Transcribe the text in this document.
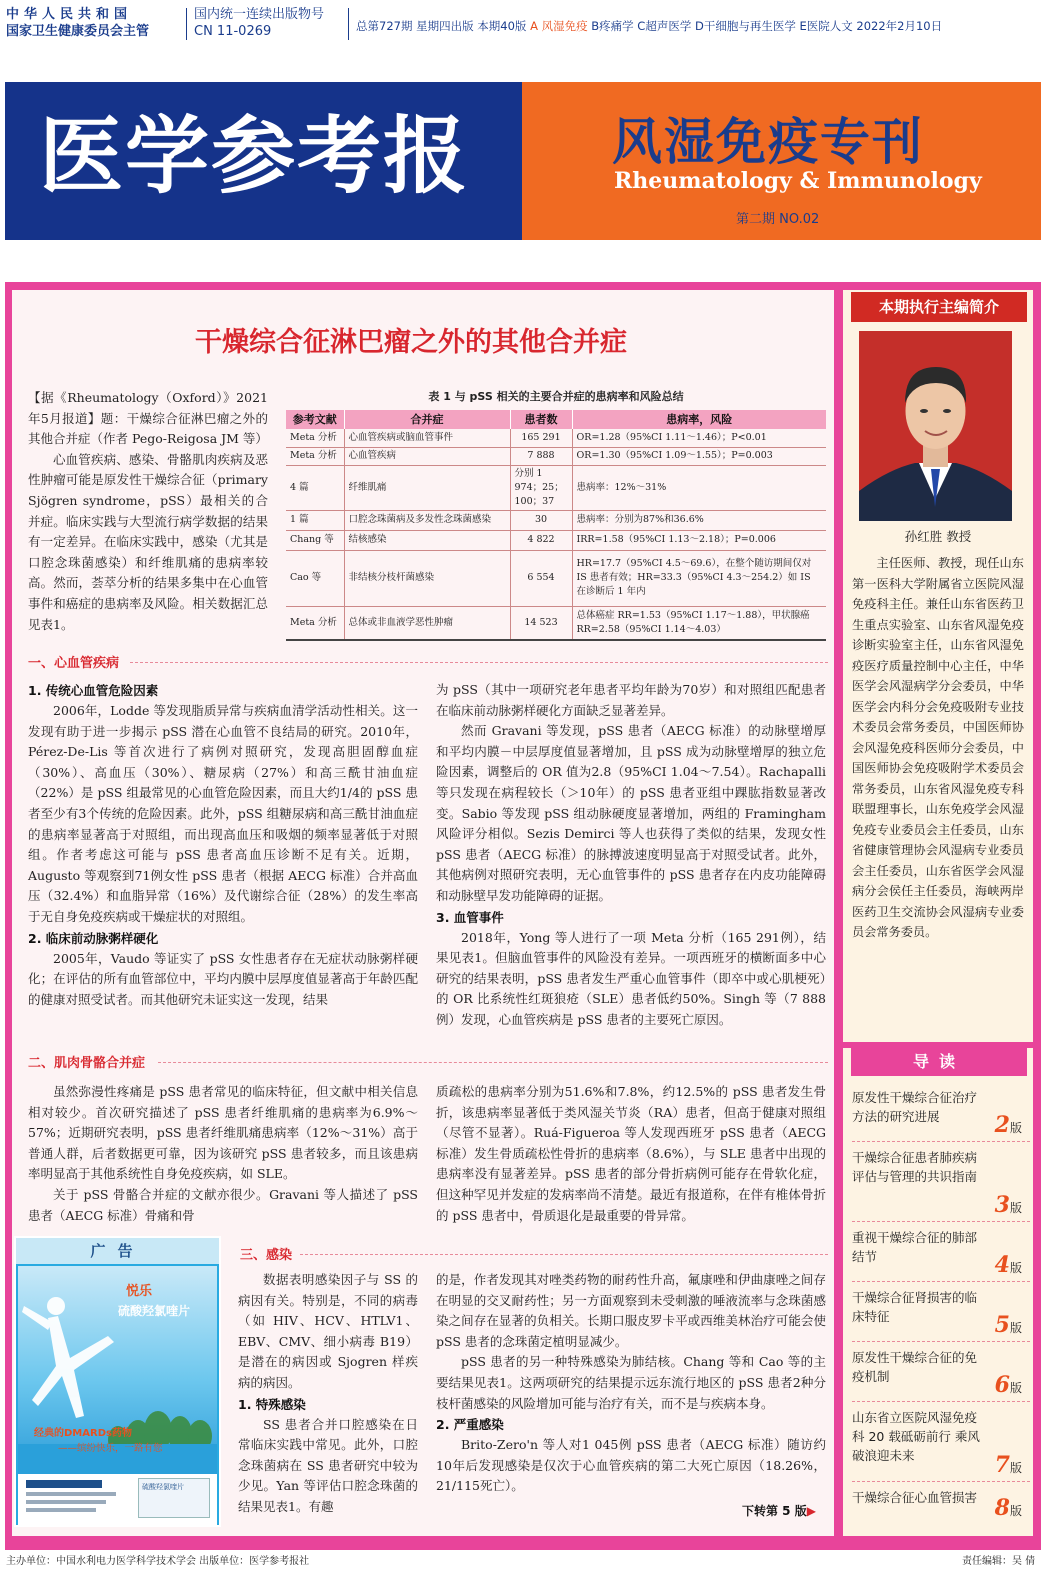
中华人民共和国
国家卫生健康委员会主管
国内统一连续出版物号
CN 11-0269	总第727期 星期四出版 本期40版 A 风湿免疫 B疼痛学 C超声医学 D干细胞与再生医学 E医院人文 2022年2月10日
医学参考报	风湿免疫专刊
Rheumatology & Immunology
第二期 NO.02
干燥综合征淋巴瘤之外的其他合并症

【据《Rheumatology（Oxford）》2021年5月报道】题：干燥综合征淋巴瘤之外的其他合并症（作者 Pego-Reigosa JM 等）

心血管疾病、感染、骨骼肌肉疾病及恶性肿瘤可能是原发性干燥综合征（primary Sjögren syndrome，pSS）最相关的合并症。临床实践与大型流行病学数据的结果有一定差异。在临床实践中，感染（尤其是口腔念珠菌感染）和纤维肌痛的患病率较高。然而，荟萃分析的结果多集中在心血管事件和癌症的患病率及风险。相关数据汇总见表1。

表 1 与 pSS 相关的主要合并症的患病率和风险总结
参考文献	合并症	患者数	患病率，风险
Meta 分析	心血管疾病或脑血管事件	165 291	OR=1.28（95%CI 1.11～1.46）；P<0.01
Meta 分析	心血管疾病	7 888	OR=1.30（95%CI 1.09～1.55）；P=0.003
4 篇	纤维肌痛	分别 1 974；25；100；37	患病率：12%～31%
1 篇	口腔念珠菌病及多发性念珠菌感染	30	患病率：分别为87%和36.6%
Chang 等	结核感染	4 822	IRR=1.58（95%CI 1.13～2.18）；P=0.006
Cao 等	非结核分枝杆菌感染	6 554	HR=17.7（95%CI 4.5～69.6），在整个随访期间仅对 IS 患者有效；HR=33.3（95%CI 4.3～254.2）如 IS 在诊断后 1 年内
Meta 分析	总体或非血液学恶性肿瘤	14 523	总体癌症 RR=1.53（95%CI 1.17～1.88），甲状腺癌 RR=2.58（95%CI 1.14～4.03）
一、心血管疾病
1. 传统心血管危险因素

2006年，Lodde 等发现脂质异常与疾病血清学活动性相关。这一发现有助于进一步揭示 pSS 潜在心血管不良结局的研究。2010年，Pérez-De-Lis 等首次进行了病例对照研究，发现高胆固醇血症（30%）、高血压（30%）、糖尿病（27%）和高三酰甘油血症（22%）是 pSS 组最常见的心血管危险因素，而且大约1/4的 pSS 患者至少有3个传统的危险因素。此外，pSS 组糖尿病和高三酰甘油血症的患病率显著高于对照组，而出现高血压和吸烟的频率显著低于对照组。作者考虑这可能与 pSS 患者高血压诊断不足有关。近期，Augusto 等观察到71例女性 pSS 患者（根据 AECG 标准）合并高血压（32.4%）和血脂异常（16%）及代谢综合征（28%）的发生率高于无自身免疫疾病或干燥症状的对照组。

2. 临床前动脉粥样硬化

2005年，Vaudo 等证实了 pSS 女性患者存在无症状动脉粥样硬化；在评估的所有血管部位中，平均内膜中层厚度值显著高于年龄匹配的健康对照受试者。而其他研究未证实这一发现，结果

为 pSS（其中一项研究老年患者平均年龄为70岁）和对照组匹配患者在临床前动脉粥样硬化方面缺乏显著差异。

然而 Gravani 等发现，pSS 患者（AECG 标准）的动脉壁增厚和平均内膜－中层厚度值显著增加，且 pSS 成为动脉壁增厚的独立危险因素，调整后的 OR 值为2.8（95%CI 1.04～7.54）。Rachapalli 等只发现在病程较长（＞10年）的 pSS 患者亚组中踝肱指数显著改变。Sabio 等发现 pSS 组动脉硬度显著增加，两组的 Framingham 风险评分相似。Sezis Demirci 等人也获得了类似的结果，发现女性 pSS 患者（AECG 标准）的脉搏波速度明显高于对照受试者。此外，其他病例对照研究表明，无心血管事件的 pSS 患者存在内皮功能障碍和动脉壁早发功能障碍的证据。

3. 血管事件

2018年，Yong 等人进行了一项 Meta 分析（165 291例），结果见表1。但脑血管事件的风险没有差异。一项西班牙的横断面多中心研究的结果表明，pSS 患者发生严重心血管事件（即卒中或心肌梗死）的 OR 比系统性红斑狼疮（SLE）患者低约50%。Singh 等（7 888例）发现，心血管疾病是 pSS 患者的主要死亡原因。

二、肌肉骨骼合并症

虽然弥漫性疼痛是 pSS 患者常见的临床特征，但文献中相关信息相对较少。首次研究描述了 pSS 患者纤维肌痛的患病率为6.9%～57%；近期研究表明，pSS 患者纤维肌痛患病率（12%～31%）高于普通人群，后者数据更可靠，因为该研究 pSS 患者较多，而且该患病率明显高于其他系统性自身免疫疾病，如 SLE。

关于 pSS 骨骼合并症的文献亦很少。Gravani 等人描述了 pSS 患者（AECG 标准）骨痛和骨

质疏松的患病率分别为51.6%和7.8%，约12.5%的 pSS 患者发生骨折，该患病率显著低于类风湿关节炎（RA）患者，但高于健康对照组（尽管不显著）。Ruá-Figueroa 等人发现西班牙 pSS 患者（AECG 标准）发生骨质疏松性骨折的患病率（8.6%），与 SLE 患者中出现的患病率没有显著差异。pSS 患者的部分骨折病例可能存在骨软化症，但这种罕见并发症的发病率尚不清楚。最近有报道称，在伴有椎体骨折的 pSS 患者中，骨质退化是最重要的骨异常。

广告
悦乐
硫酸羟氯喹片
经典的DMARDs药物
——缤纷快乐，一路有您
硫酸羟氯喹片
三、感染

数据表明感染因子与 SS 的病因有关。特别是，不同的病毒（如 HIV、HCV、HTLV1、EBV、CMV、细小病毒 B19）是潜在的病因或 Sjogren 样疾病的病因。

1. 特殊感染

SS 患者合并口腔感染在日常临床实践中常见。此外，口腔念珠菌病在 SS 患者研究中较为少见。Yan 等评估口腔念珠菌的结果见表1。有趣

的是，作者发现其对唑类药物的耐药性升高，氟康唑和伊曲康唑之间存在明显的交叉耐药性；另一方面观察到未受刺激的唾液流率与念珠菌感染之间存在显著的负相关。长期口服皮罗卡平或西维美林治疗可能会使 pSS 患者的念珠菌定植明显减少。

pSS 患者的另一种特殊感染为肺结核。Chang 等和 Cao 等的主要结果见表1。这两项研究的结果提示远东流行地区的 pSS 患者2种分枝杆菌感染的风险增加可能与治疗有关，而不是与疾病本身。

2. 严重感染

Brito-Zero'n 等人对1 045例 pSS 患者（AECG 标准）随访约10年后发现感染是仅次于心血管疾病的第二大死亡原因（18.26%，21/115死亡）。

下转第 5 版▶
本期执行主编简介
孙红胜 教授
主任医师、教授，现任山东第一医科大学附属省立医院风湿免疫科主任。兼任山东省医药卫生重点实验室、山东省风湿免疫诊断实验室主任，山东省风湿免疫医疗质量控制中心主任，中华医学会风湿病学分会委员，中华医学会内科分会免疫吸附专业技术委员会常务委员，中国医师协会风湿免疫科医师分会委员，中国医师协会免疫吸附学术委员会常务委员，山东省风湿免疫专科联盟理事长，山东免疫学会风湿免疫专业委员会主任委员，山东省健康管理协会风湿病专业委员会主任委员，山东省医学会风湿病分会侯任主任委员，海峡两岸医药卫生交流协会风湿病专业委员会常务委员。
导读
原发性干燥综合征治疗方法的研究进展	2版
干燥综合征患者肺疾病评估与管理的共识指南
3版
重视干燥综合征的肺部结节	4版
干燥综合征肾损害的临床特征	5版
原发性干燥综合征的免疫机制	6版
山东省立医院风湿免疫科 20 载砥砺前行 乘风破浪迎未来	7版
干燥综合征心血管损害 8版
主办单位：中国水利电力医学科学技术学会 出版单位：医学参考报社	责任编辑：吴 倩
